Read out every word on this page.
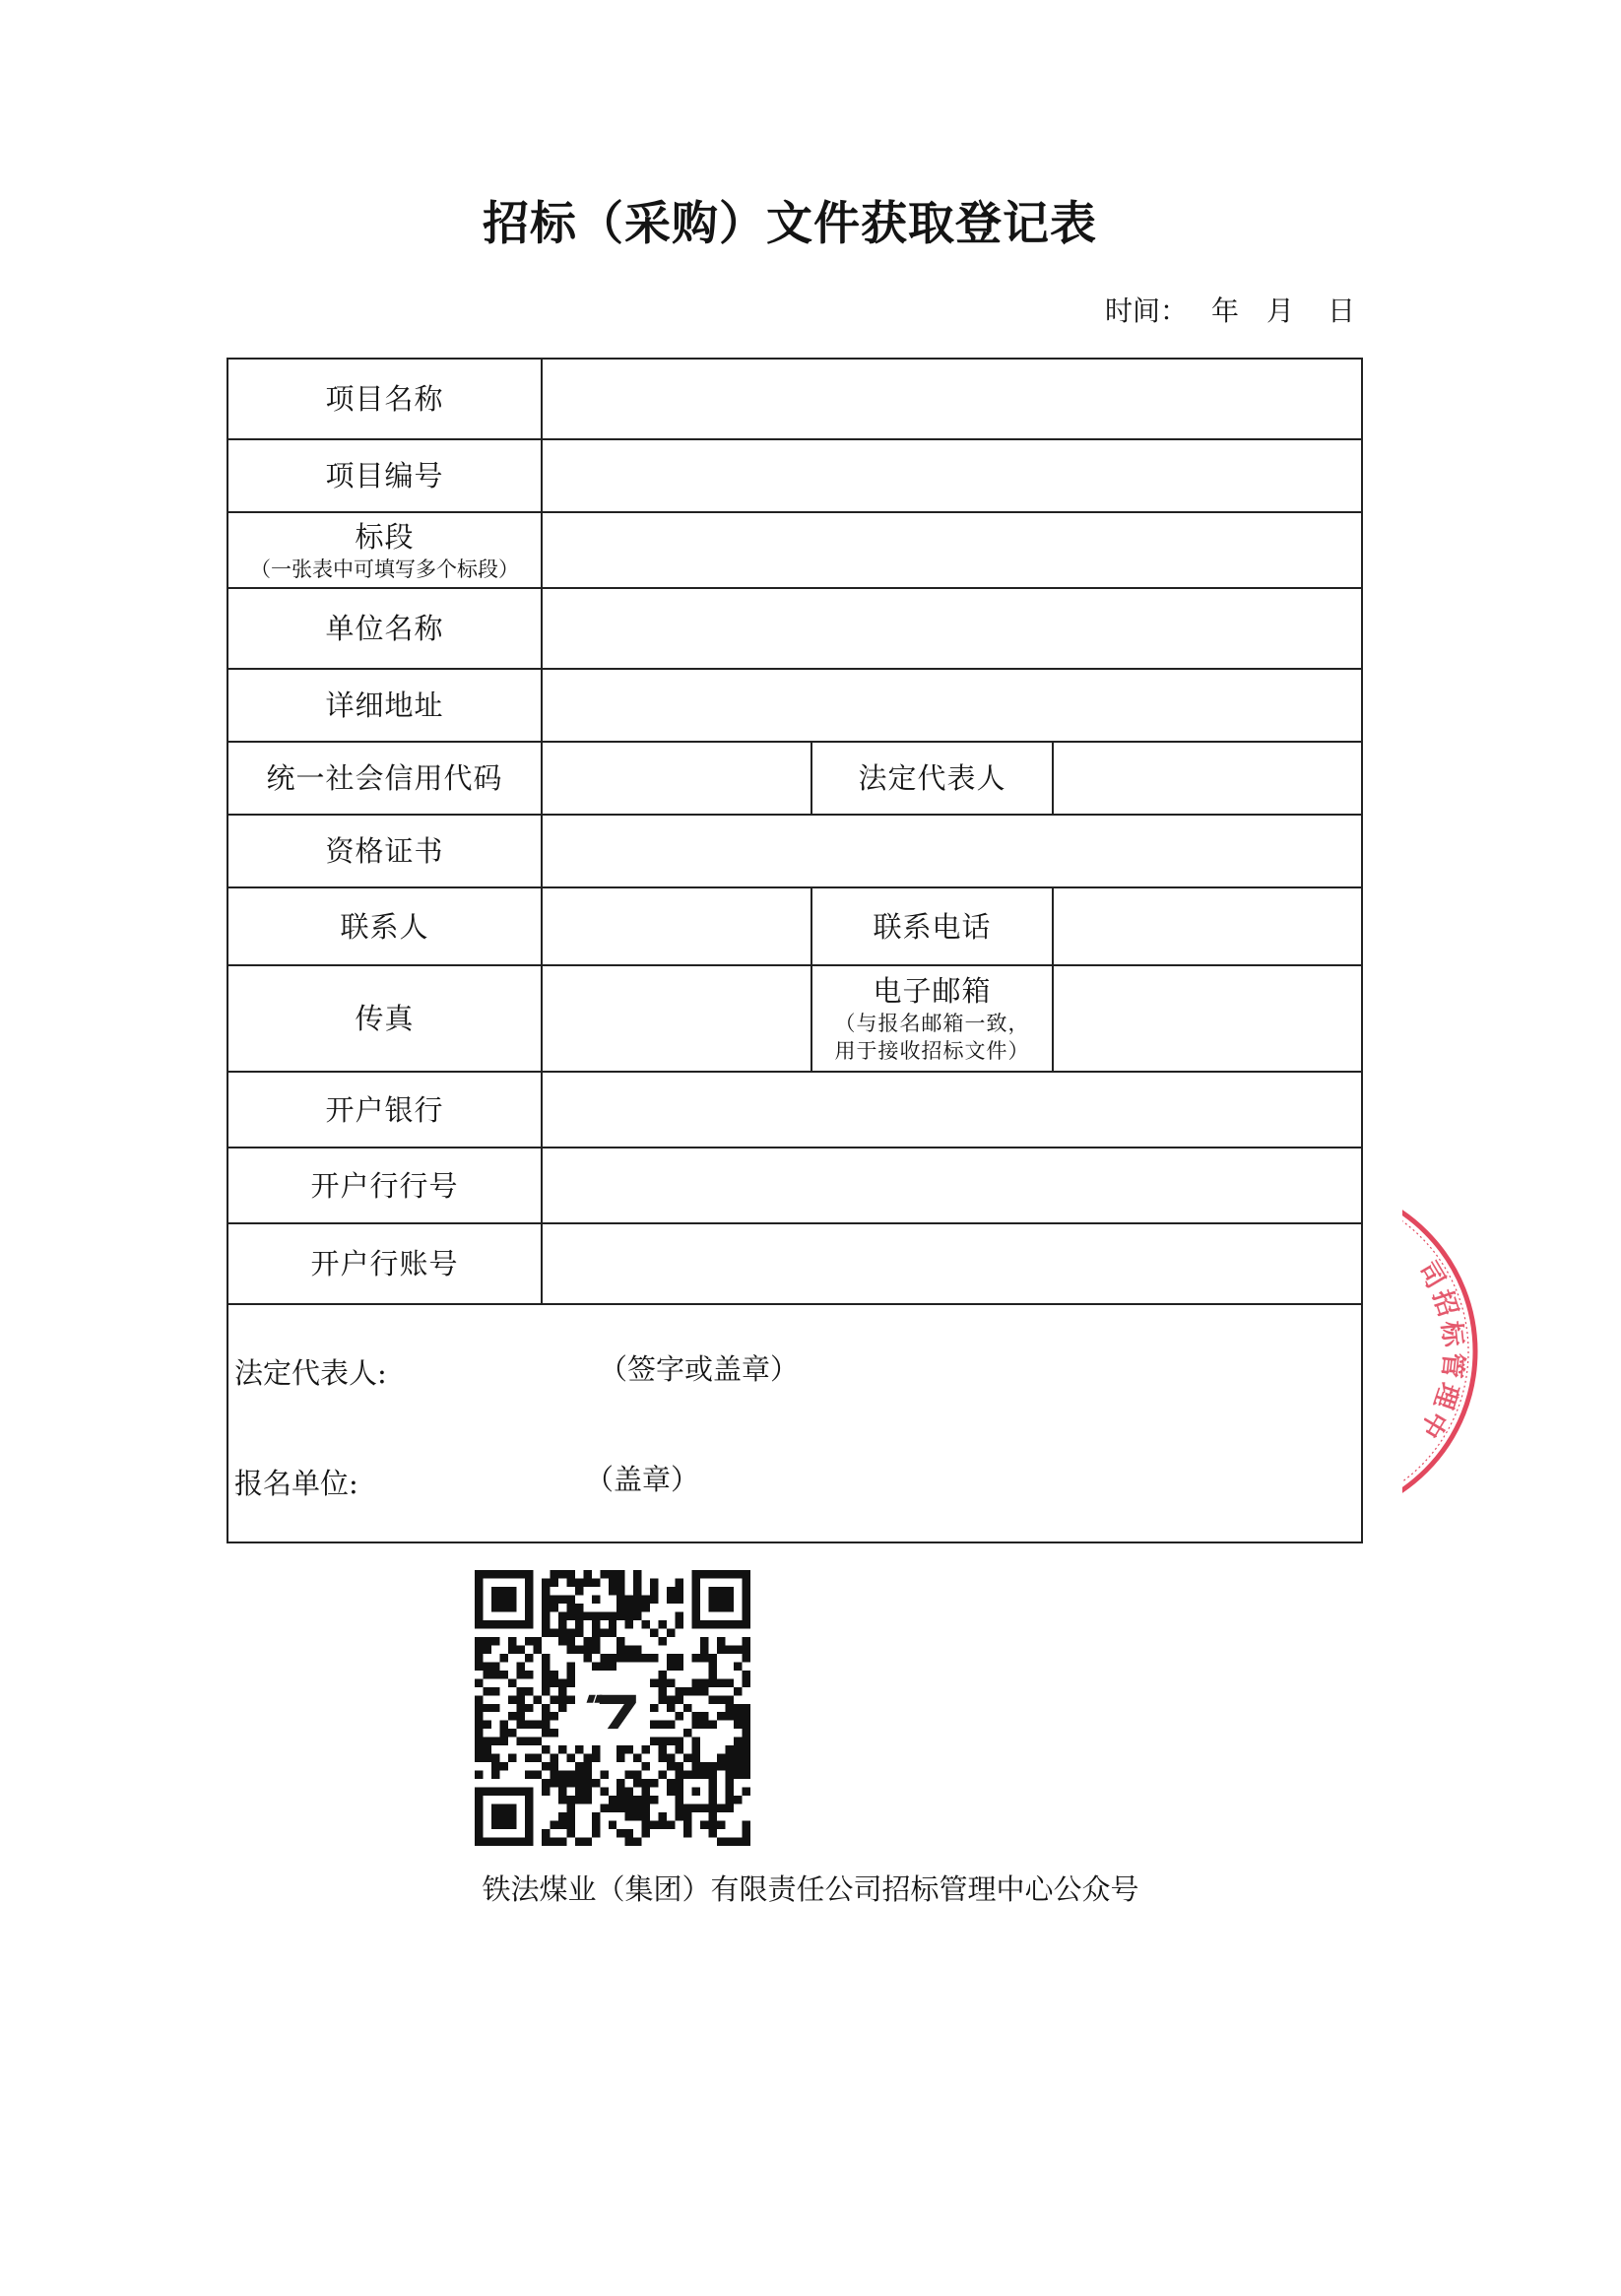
招标（采购）文件获取登记表
时间： 年 月 日
项目名称			
项目编号			

标段
（一张表中可填写多个标段）			

单位名称			
详细地址			
统一社会信用代码		法定代表人	
资格证书			
联系人		联系电话	
传真		电子邮箱
（与报名邮箱一致，用于接收招标文件）	

开户银行			
开户行行号			
开户行账号			

法定代表人: （签字或盖章）
报名单位: （盖章）			
铁法煤业（集团）有限责任公司招标管理中心公众号
司招标管理中
